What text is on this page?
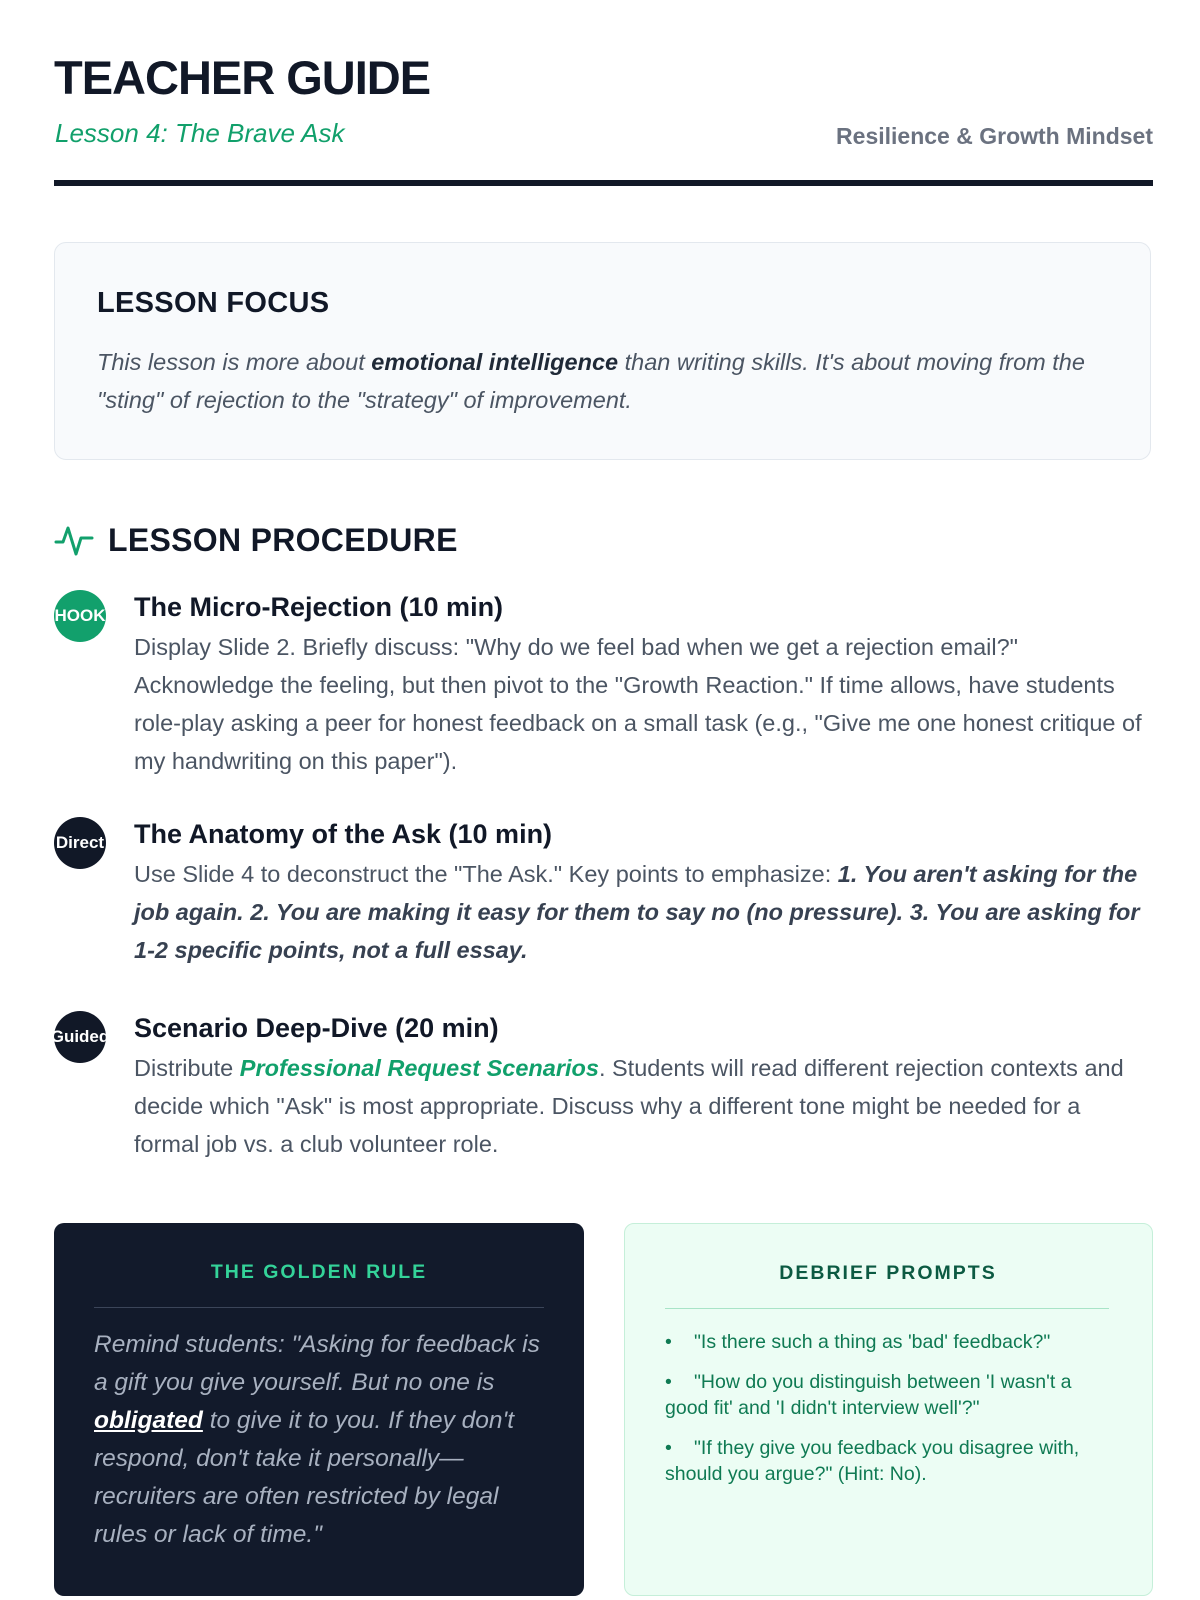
TEACHER GUIDE
Lesson 4: The Brave Ask	Resilience & Growth Mindset
LESSON FOCUS

This lesson is more about emotional intelligence than writing skills. It's about moving from the "sting" of rejection to the "strategy" of improvement.

LESSON PROCEDURE
HOOK The Micro-Rejection (10 min)

Display Slide 2. Briefly discuss: "Why do we feel bad when we get a rejection email?" Acknowledge the feeling, but then pivot to the "Growth Reaction." If time allows, have students role-play asking a peer for honest feedback on a small task (e.g., "Give me one honest critique of my handwriting on this paper").

Direct The Anatomy of the Ask (10 min)

Use Slide 4 to deconstruct the "The Ask." Key points to emphasize: 1. You aren't asking for the job again. 2. You are making it easy for them to say no (no pressure). 3. You are asking for 1-2 specific points, not a full essay.

Guided Scenario Deep-Dive (20 min)

Distribute Professional Request Scenarios. Students will read different rejection contexts and decide which "Ask" is most appropriate. Discuss why a different tone might be needed for a formal job vs. a club volunteer role.

THE GOLDEN RULE

Remind students: "Asking for feedback is a gift you give yourself. But no one is obligated to give it to you. If they don't respond, don't take it personally—recruiters are often restricted by legal rules or lack of time."

DEBRIEF PROMPTS
• "Is there such a thing as 'bad' feedback?"
• "How do you distinguish between 'I wasn't a good fit' and 'I didn't interview well'?"
• "If they give you feedback you disagree with, should you argue?" (Hint: No).
